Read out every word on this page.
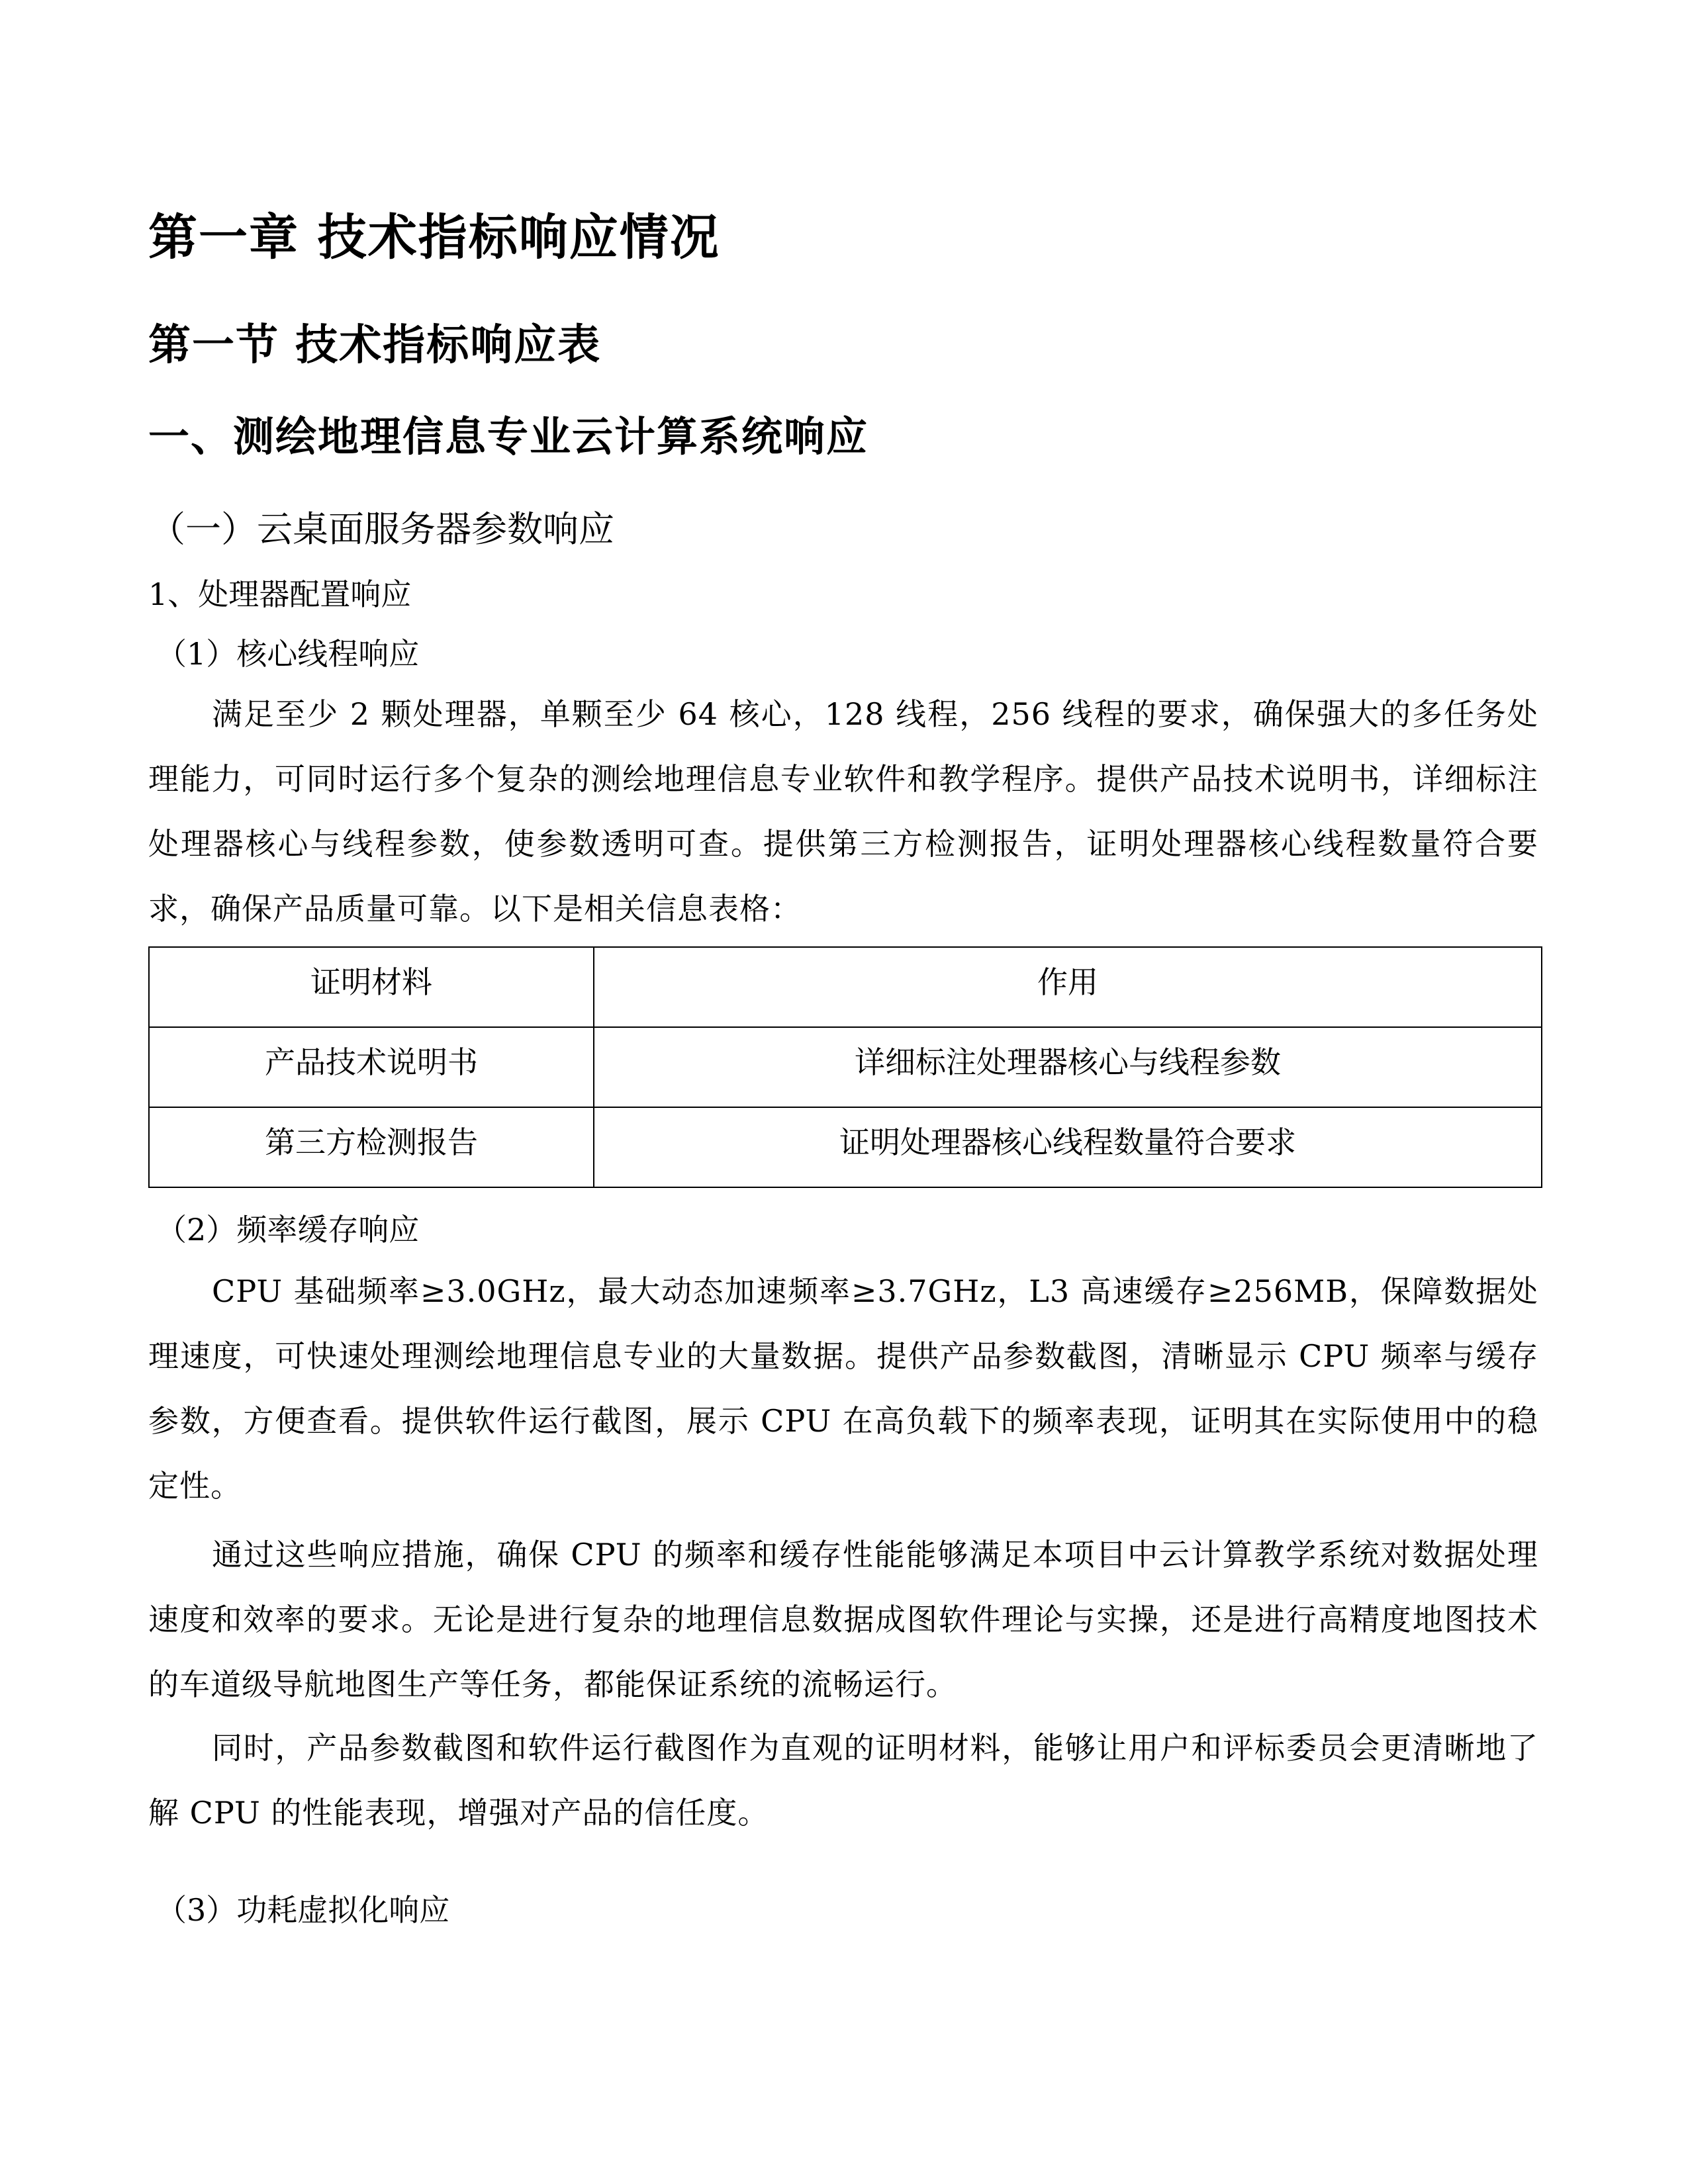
第一章 技术指标响应情况
第一节 技术指标响应表
一、测绘地理信息专业云计算系统响应
（一）云桌面服务器参数响应
1、处理器配置响应
（1）核心线程响应

满足至少 2 颗处理器，单颗至少 64 核心，128 线程，256 线程的要求，确保强大的多任务处理能力，可同时运行多个复杂的测绘地理信息专业软件和教学程序。提供产品技术说明书，详细标注处理器核心与线程参数，使参数透明可查。提供第三方检测报告，证明处理器核心线程数量符合要求，确保产品质量可靠。以下是相关信息表格：

证明材料	作用
产品技术说明书	详细标注处理器核心与线程参数
第三方检测报告	证明处理器核心线程数量符合要求
（2）频率缓存响应

CPU 基础频率≥3.0GHz，最大动态加速频率≥3.7GHz，L3 高速缓存≥256MB，保障数据处理速度，可快速处理测绘地理信息专业的大量数据。提供产品参数截图，清晰显示 CPU 频率与缓存参数，方便查看。提供软件运行截图，展示 CPU 在高负载下的频率表现，证明其在实际使用中的稳定性。

通过这些响应措施，确保 CPU 的频率和缓存性能能够满足本项目中云计算教学系统对数据处理速度和效率的要求。无论是进行复杂的地理信息数据成图软件理论与实操，还是进行高精度地图技术的车道级导航地图生产等任务，都能保证系统的流畅运行。

同时，产品参数截图和软件运行截图作为直观的证明材料，能够让用户和评标委员会更清晰地了解 CPU 的性能表现，增强对产品的信任度。

（3）功耗虚拟化响应
